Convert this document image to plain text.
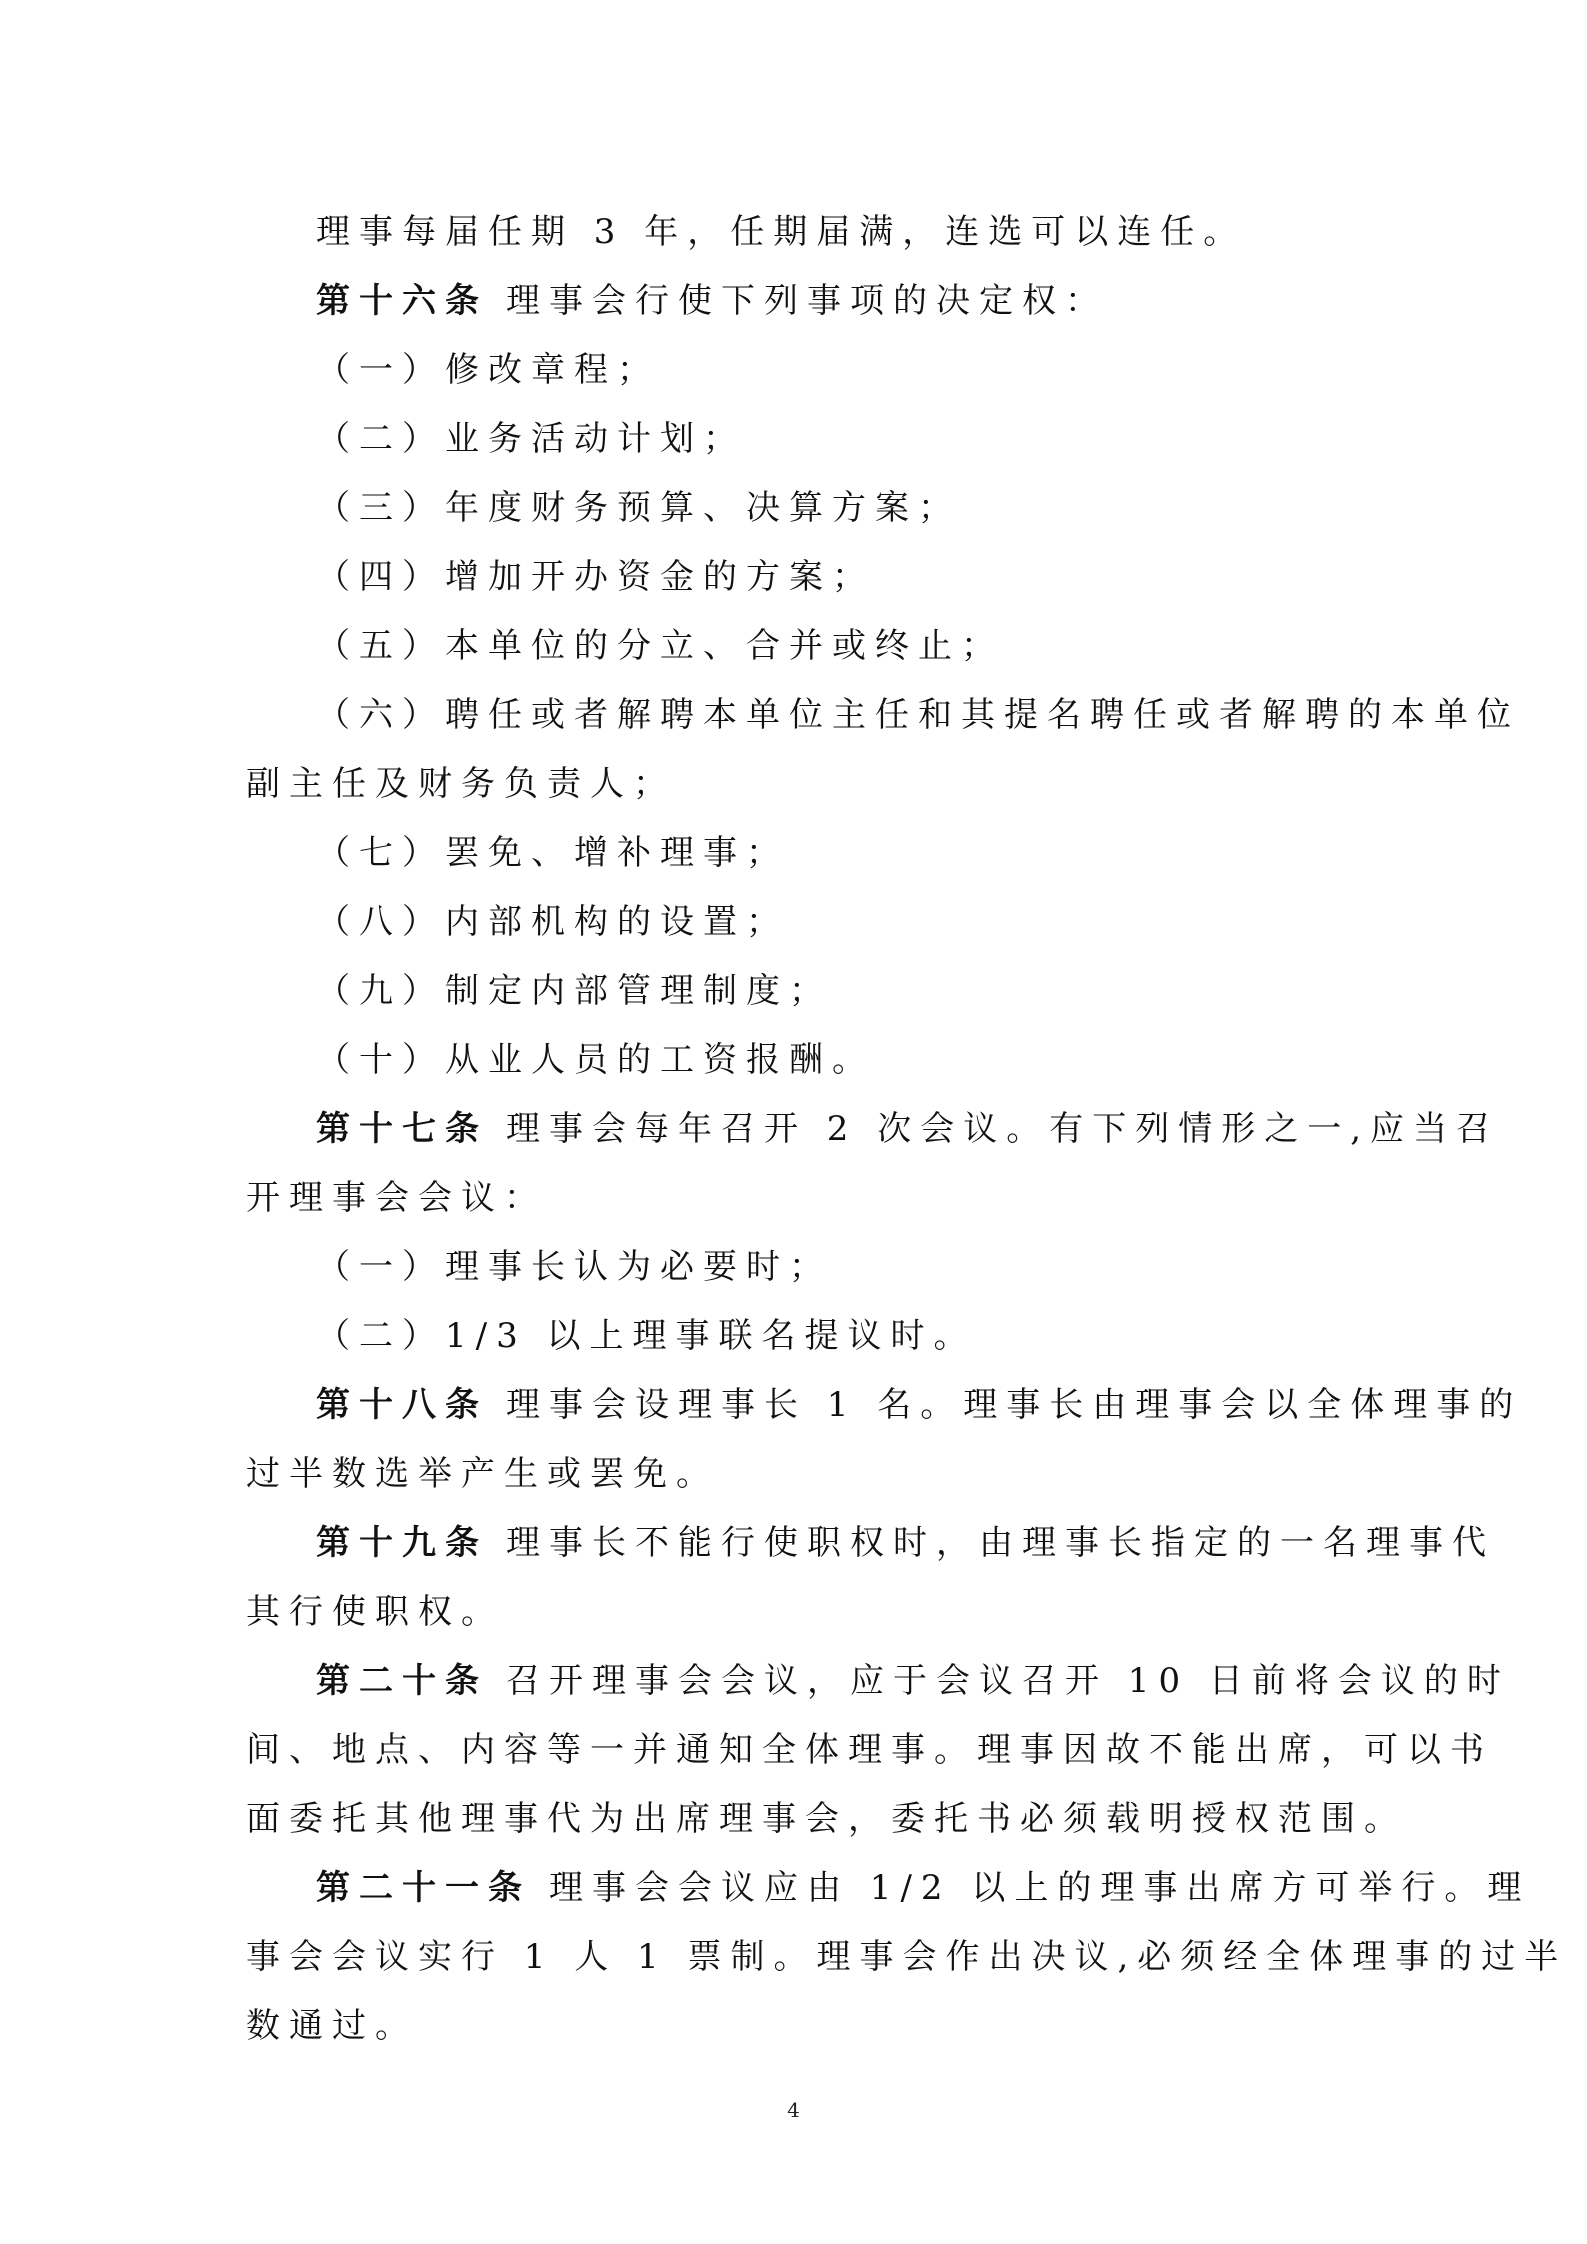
理事每届任期 3 年，任期届满，连选可以连任。
第十六条 理事会行使下列事项的决定权：
（一）修改章程；
（二）业务活动计划；
（三）年度财务预算、决算方案；
（四）增加开办资金的方案；
（五）本单位的分立、合并或终止；
（六）聘任或者解聘本单位主任和其提名聘任或者解聘的本单位
副主任及财务负责人；
（七）罢免、增补理事；
（八）内部机构的设置；
（九）制定内部管理制度；
（十）从业人员的工资报酬。
第十七条 理事会每年召开 2 次会议。有下列情形之一,应当召
开理事会会议：
（一）理事长认为必要时；
（二）1/3 以上理事联名提议时。
第十八条 理事会设理事长 1 名。理事长由理事会以全体理事的
过半数选举产生或罢免。
第十九条 理事长不能行使职权时，由理事长指定的一名理事代
其行使职权。
第二十条 召开理事会会议，应于会议召开 10 日前将会议的时
间、地点、内容等一并通知全体理事。理事因故不能出席，可以书
面委托其他理事代为出席理事会，委托书必须载明授权范围。
第二十一条 理事会会议应由 1/2 以上的理事出席方可举行。理
事会会议实行 1 人 1 票制。理事会作出决议,必须经全体理事的过半
数通过。
4
